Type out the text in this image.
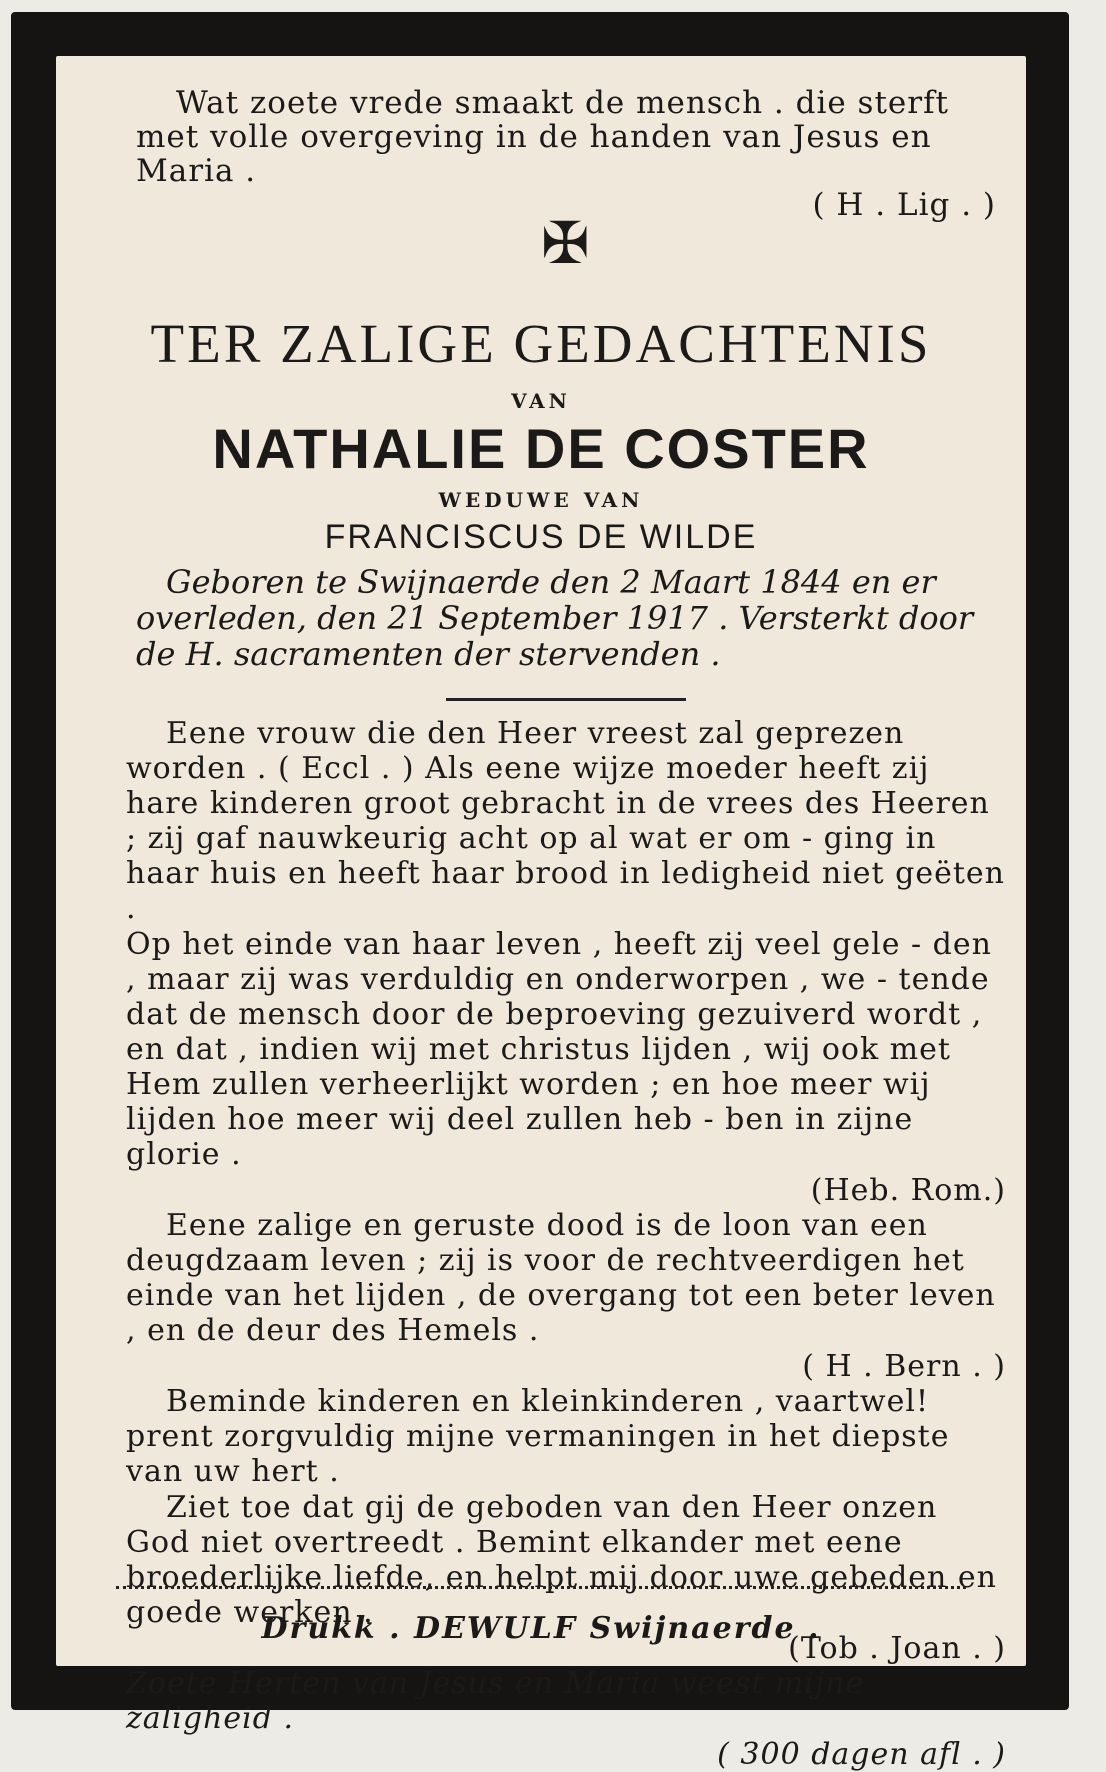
Wat zoete vrede smaakt de mensch . die sterft met volle overgeving in de handen van Jesus en Maria .
( H . Lig . )
✠
TER ZALIGE GEDACHTENIS
VAN
NATHALIE DE COSTER
WEDUWE VAN
FRANCISCUS DE WILDE
Geboren te Swijnaerde den 2 Maart 1844 en er overleden, den 21 September 1917 . Versterkt door de H. sacramenten der stervenden .
Eene vrouw die den Heer vreest zal geprezen worden . ( Eccl . ) Als eene wijze moeder heeft zij hare kinderen groot gebracht in de vrees des Heeren ; zij gaf nauwkeurig acht op al wat er om - ging in haar huis en heeft haar brood in ledigheid niet geëten .
Op het einde van haar leven , heeft zij veel gele - den , maar zij was verduldig en onderworpen , we - tende dat de mensch door de beproeving gezuiverd wordt , en dat , indien wij met christus lijden , wij ook met Hem zullen verheerlijkt worden ; en hoe meer wij lijden hoe meer wij deel zullen heb - ben in zijne glorie .
(Heb. Rom.)
Eene zalige en geruste dood is de loon van een deugdzaam leven ; zij is voor de rechtveerdigen het einde van het lijden , de overgang tot een beter leven , en de deur des Hemels .
( H . Bern . )
Beminde kinderen en kleinkinderen , vaartwel! prent zorgvuldig mijne vermaningen in het diepste van uw hert .
Ziet toe dat gij de geboden van den Heer onzen God niet overtreedt . Bemint elkander met eene broederlijke liefde, en helpt mij door uwe gebeden en goede werken .
(Tob . Joan . )
Zoete Herten van Jesus en Maria weest mijne zaligheid .
( 300 dagen afl . )
Drukk . DEWULF Swijnaerde .
